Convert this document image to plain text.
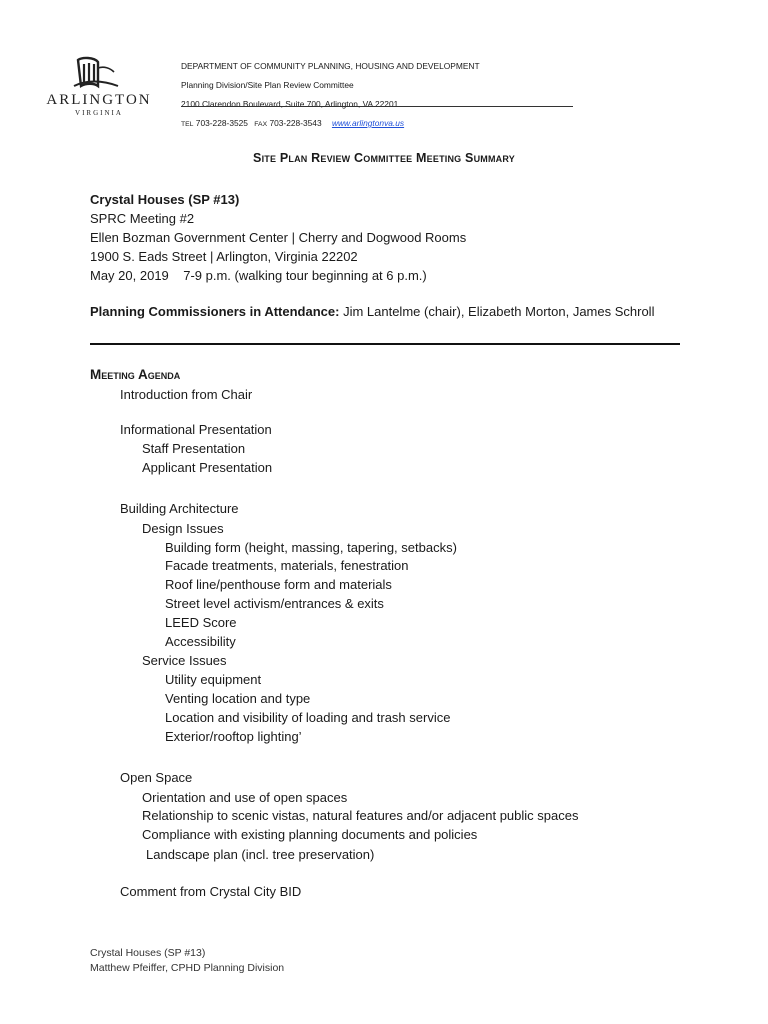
ARLINGTON
VIRGINIA
DEPARTMENT OF COMMUNITY PLANNING, HOUSING AND DEVELOPMENT
Planning Division/Site Plan Review Committee
2100 Clarendon Boulevard, Suite 700, Arlington, VA 22201
TEL 703-228-3525 FAX 703-228-3543 www.arlingtonva.us
Site Plan Review Committee Meeting Summary
Crystal Houses (SP #13)
SPRC Meeting #2
Ellen Bozman Government Center | Cherry and Dogwood Rooms
1900 S. Eads Street | Arlington, Virginia 22202
May 20, 2019    7-9 p.m. (walking tour beginning at 6 p.m.)
Planning Commissioners in Attendance: Jim Lantelme (chair), Elizabeth Morton, James Schroll
Meeting Agenda
Introduction from Chair
Informational Presentation
Staff Presentation
Applicant Presentation
Building Architecture
Design Issues
Building form (height, massing, tapering, setbacks)
Facade treatments, materials, fenestration
Roof line/penthouse form and materials
Street level activism/entrances & exits
LEED Score
Accessibility
Service Issues
Utility equipment
Venting location and type
Location and visibility of loading and trash service
Exterior/rooftop lighting’
Open Space
Orientation and use of open spaces
Relationship to scenic vistas, natural features and/or adjacent public spaces
Compliance with existing planning documents and policies
Landscape plan (incl. tree preservation)
Comment from Crystal City BID
Crystal Houses (SP #13)
Matthew Pfeiffer, CPHD Planning Division
